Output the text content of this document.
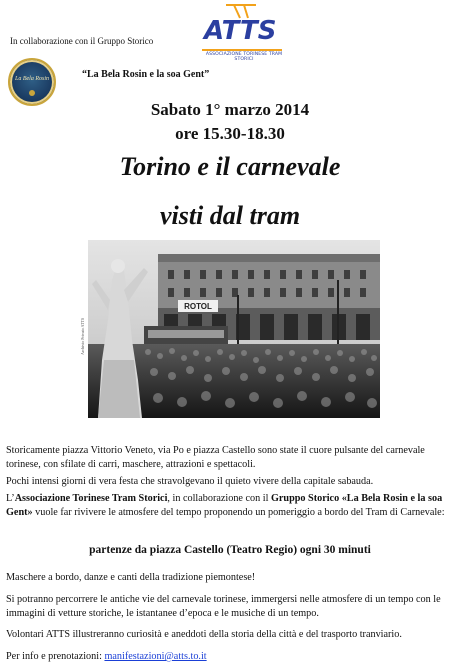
In collaborazione con il Gruppo Storico
La Bela Rosin	“La Bela Rosin e la soa Gent”
ATTS
ASSOCIAZIONE TORINESE TRAM STORICI
Sabato 1° marzo 2014
ore 15.30-18.30
Torino e il carnevale
visti dal tram
ROTOL
Archivio Privato ATTS
Storicamente piazza Vittorio Veneto, via Po e piazza Castello sono state il cuore pulsante del carnevale torinese, con sfilate di carri, maschere, attrazioni e spettacoli.
Pochi intensi giorni di vera festa che stravolgevano il quieto vivere della capitale sabauda.
L’Associazione Torinese Tram Storici, in collaborazione con il Gruppo Storico «La Bela Rosin e la soa Gent» vuole far rivivere le atmosfere del tempo proponendo un pomeriggio a bordo del Tram di Carnevale:
partenze da piazza Castello (Teatro Regio) ogni 30 minuti
Maschere a bordo, danze e canti della tradizione piemontese!
Si potranno percorrere le antiche vie del carnevale torinese, immergersi nelle atmosfere di un tempo con le immagini di vetture storiche, le istantanee d’epoca e le musiche di un tempo.
Volontari ATTS illustreranno curiosità e aneddoti della storia della città e del trasporto tranviario.
Per info e prenotazioni: manifestazioni@atts.to.it
